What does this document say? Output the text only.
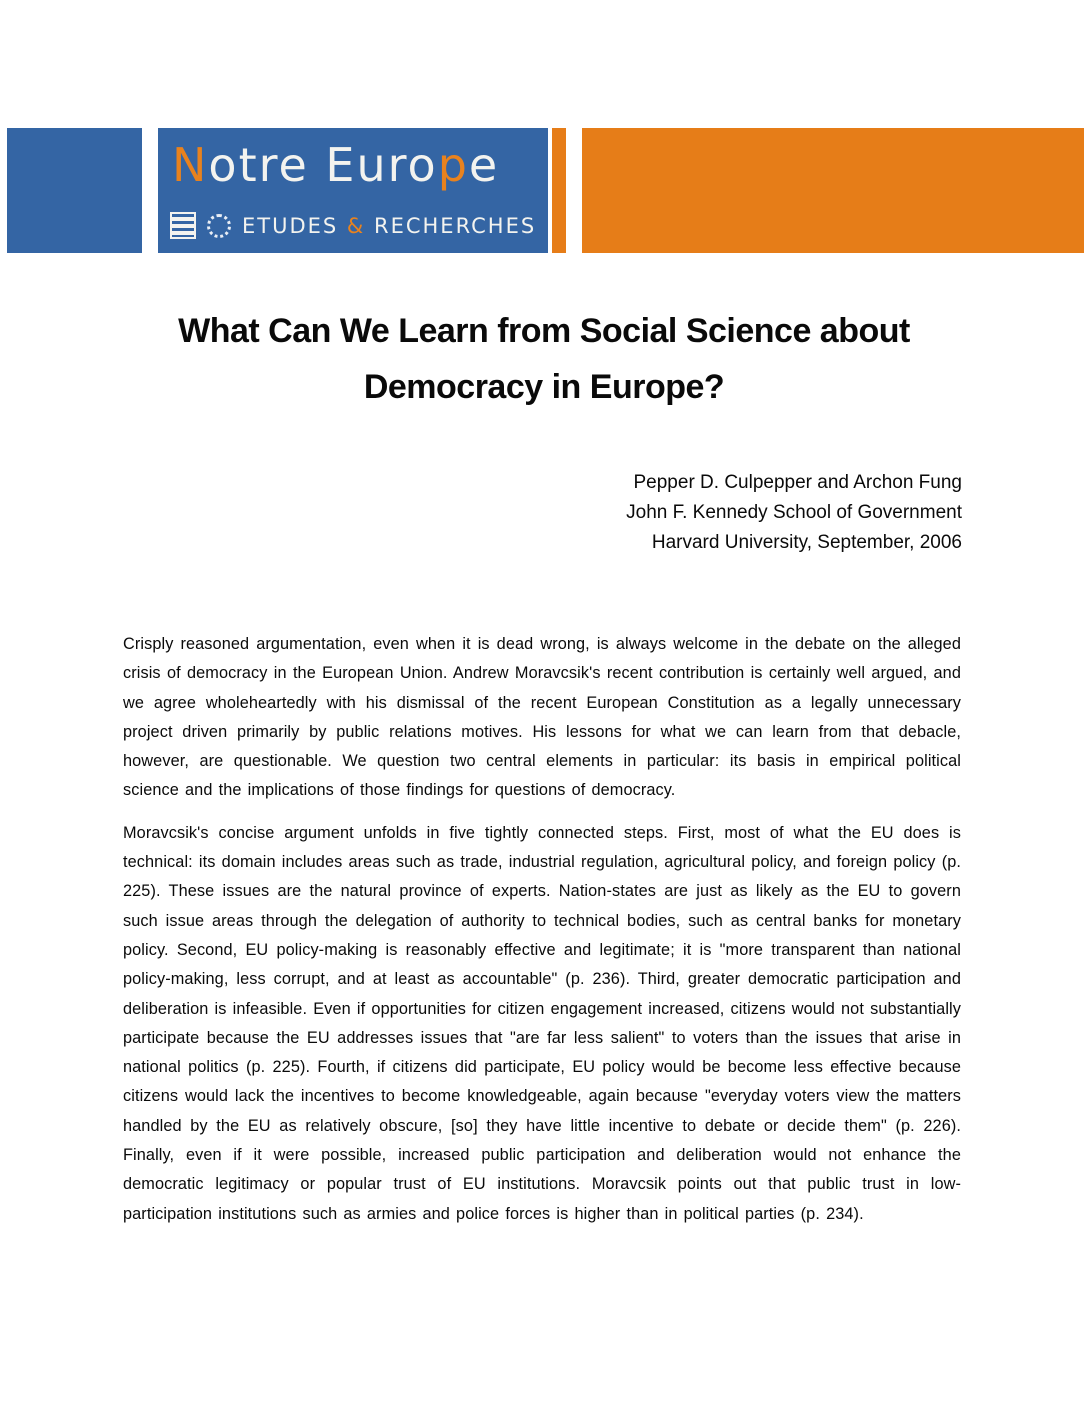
Notre Europe
ETUDES & RECHERCHES
What Can We Learn from Social Science about
Democracy in Europe?
Pepper D. Culpepper and Archon Fung
John F. Kennedy School of Government
Harvard University, September, 2006

Crisply reasoned argumentation, even when it is dead wrong, is always welcome in the debate on the alleged crisis of democracy in the European Union. Andrew Moravcsik's recent contribution is certainly well argued, and we agree wholeheartedly with his dismissal of the recent European Constitution as a legally unnecessary project driven primarily by public relations motives. His lessons for what we can learn from that debacle, however, are questionable. We question two central elements in particular: its basis in empirical political science and the implications of those findings for questions of democracy.

Moravcsik's concise argument unfolds in five tightly connected steps. First, most of what the EU does is technical: its domain includes areas such as trade, industrial regulation, agricultural policy, and foreign policy (p. 225). These issues are the natural province of experts. Nation-states are just as likely as the EU to govern such issue areas through the delegation of authority to technical bodies, such as central banks for monetary policy. Second, EU policy-making is reasonably effective and legitimate; it is "more transparent than national policy-making, less corrupt, and at least as accountable" (p. 236). Third, greater democratic participation and deliberation is infeasible. Even if opportunities for citizen engagement increased, citizens would not substantially participate because the EU addresses issues that "are far less salient" to voters than the issues that arise in national politics (p. 225). Fourth, if citizens did participate, EU policy would be become less effective because citizens would lack the incentives to become knowledgeable, again because "everyday voters view the matters handled by the EU as relatively obscure, [so] they have little incentive to debate or decide them" (p. 226). Finally, even if it were possible, increased public participation and deliberation would not enhance the democratic legitimacy or popular trust of EU institutions. Moravcsik points out that public trust in low-participation institutions such as armies and police forces is higher than in political parties (p. 234).
